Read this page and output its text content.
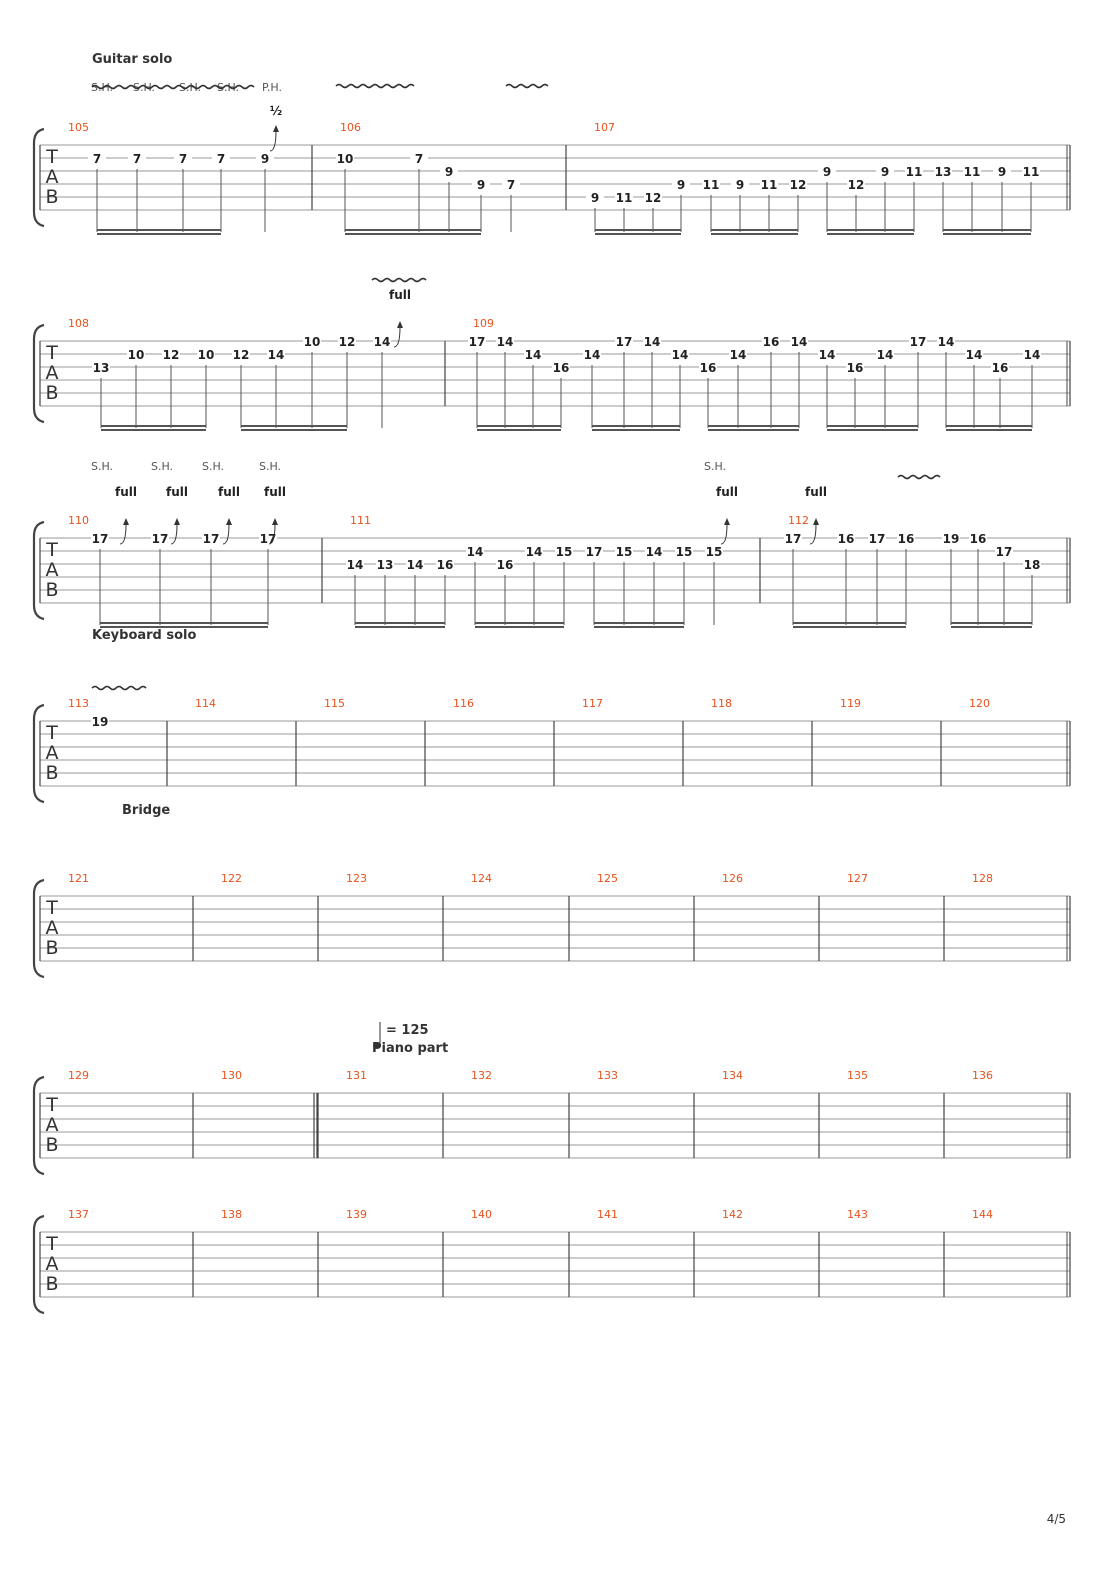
T
A
B
105
7	7	7 7	9
106
10	7
9
9 7
107
9 11 12
9 11 9 11 12
9
12
9 11 13 11 9 11
Guitar solo
S.H. S.H. S.H. S.H. P.H.
½
T
A
B
108
13
10 12 10 12 14
10 12 14
109
17 14
14
16
14
17 14
14
16
14
16 14
14
16
14
17 14
14
16
14
full
T
A
B
110
17	17	17	17
111
14 13 14 16
14
16
14 15 17 15 14 15 15
112
17	16 17 16 19 16
17
18
S.H.	S.H.	S.H.	S.H.	S.H.
full full	full full	full	full
T
A
B
113
19
114	115	116	117	118	119	120
Keyboard solo
T
A
B
121	122	123	124	125	126	127	128
Bridge
T
A
B
129	130	131	132	133	134	135	136
T
A
B
137	138	139	140	141	142	143	144
= 125
Piano part
4/5
